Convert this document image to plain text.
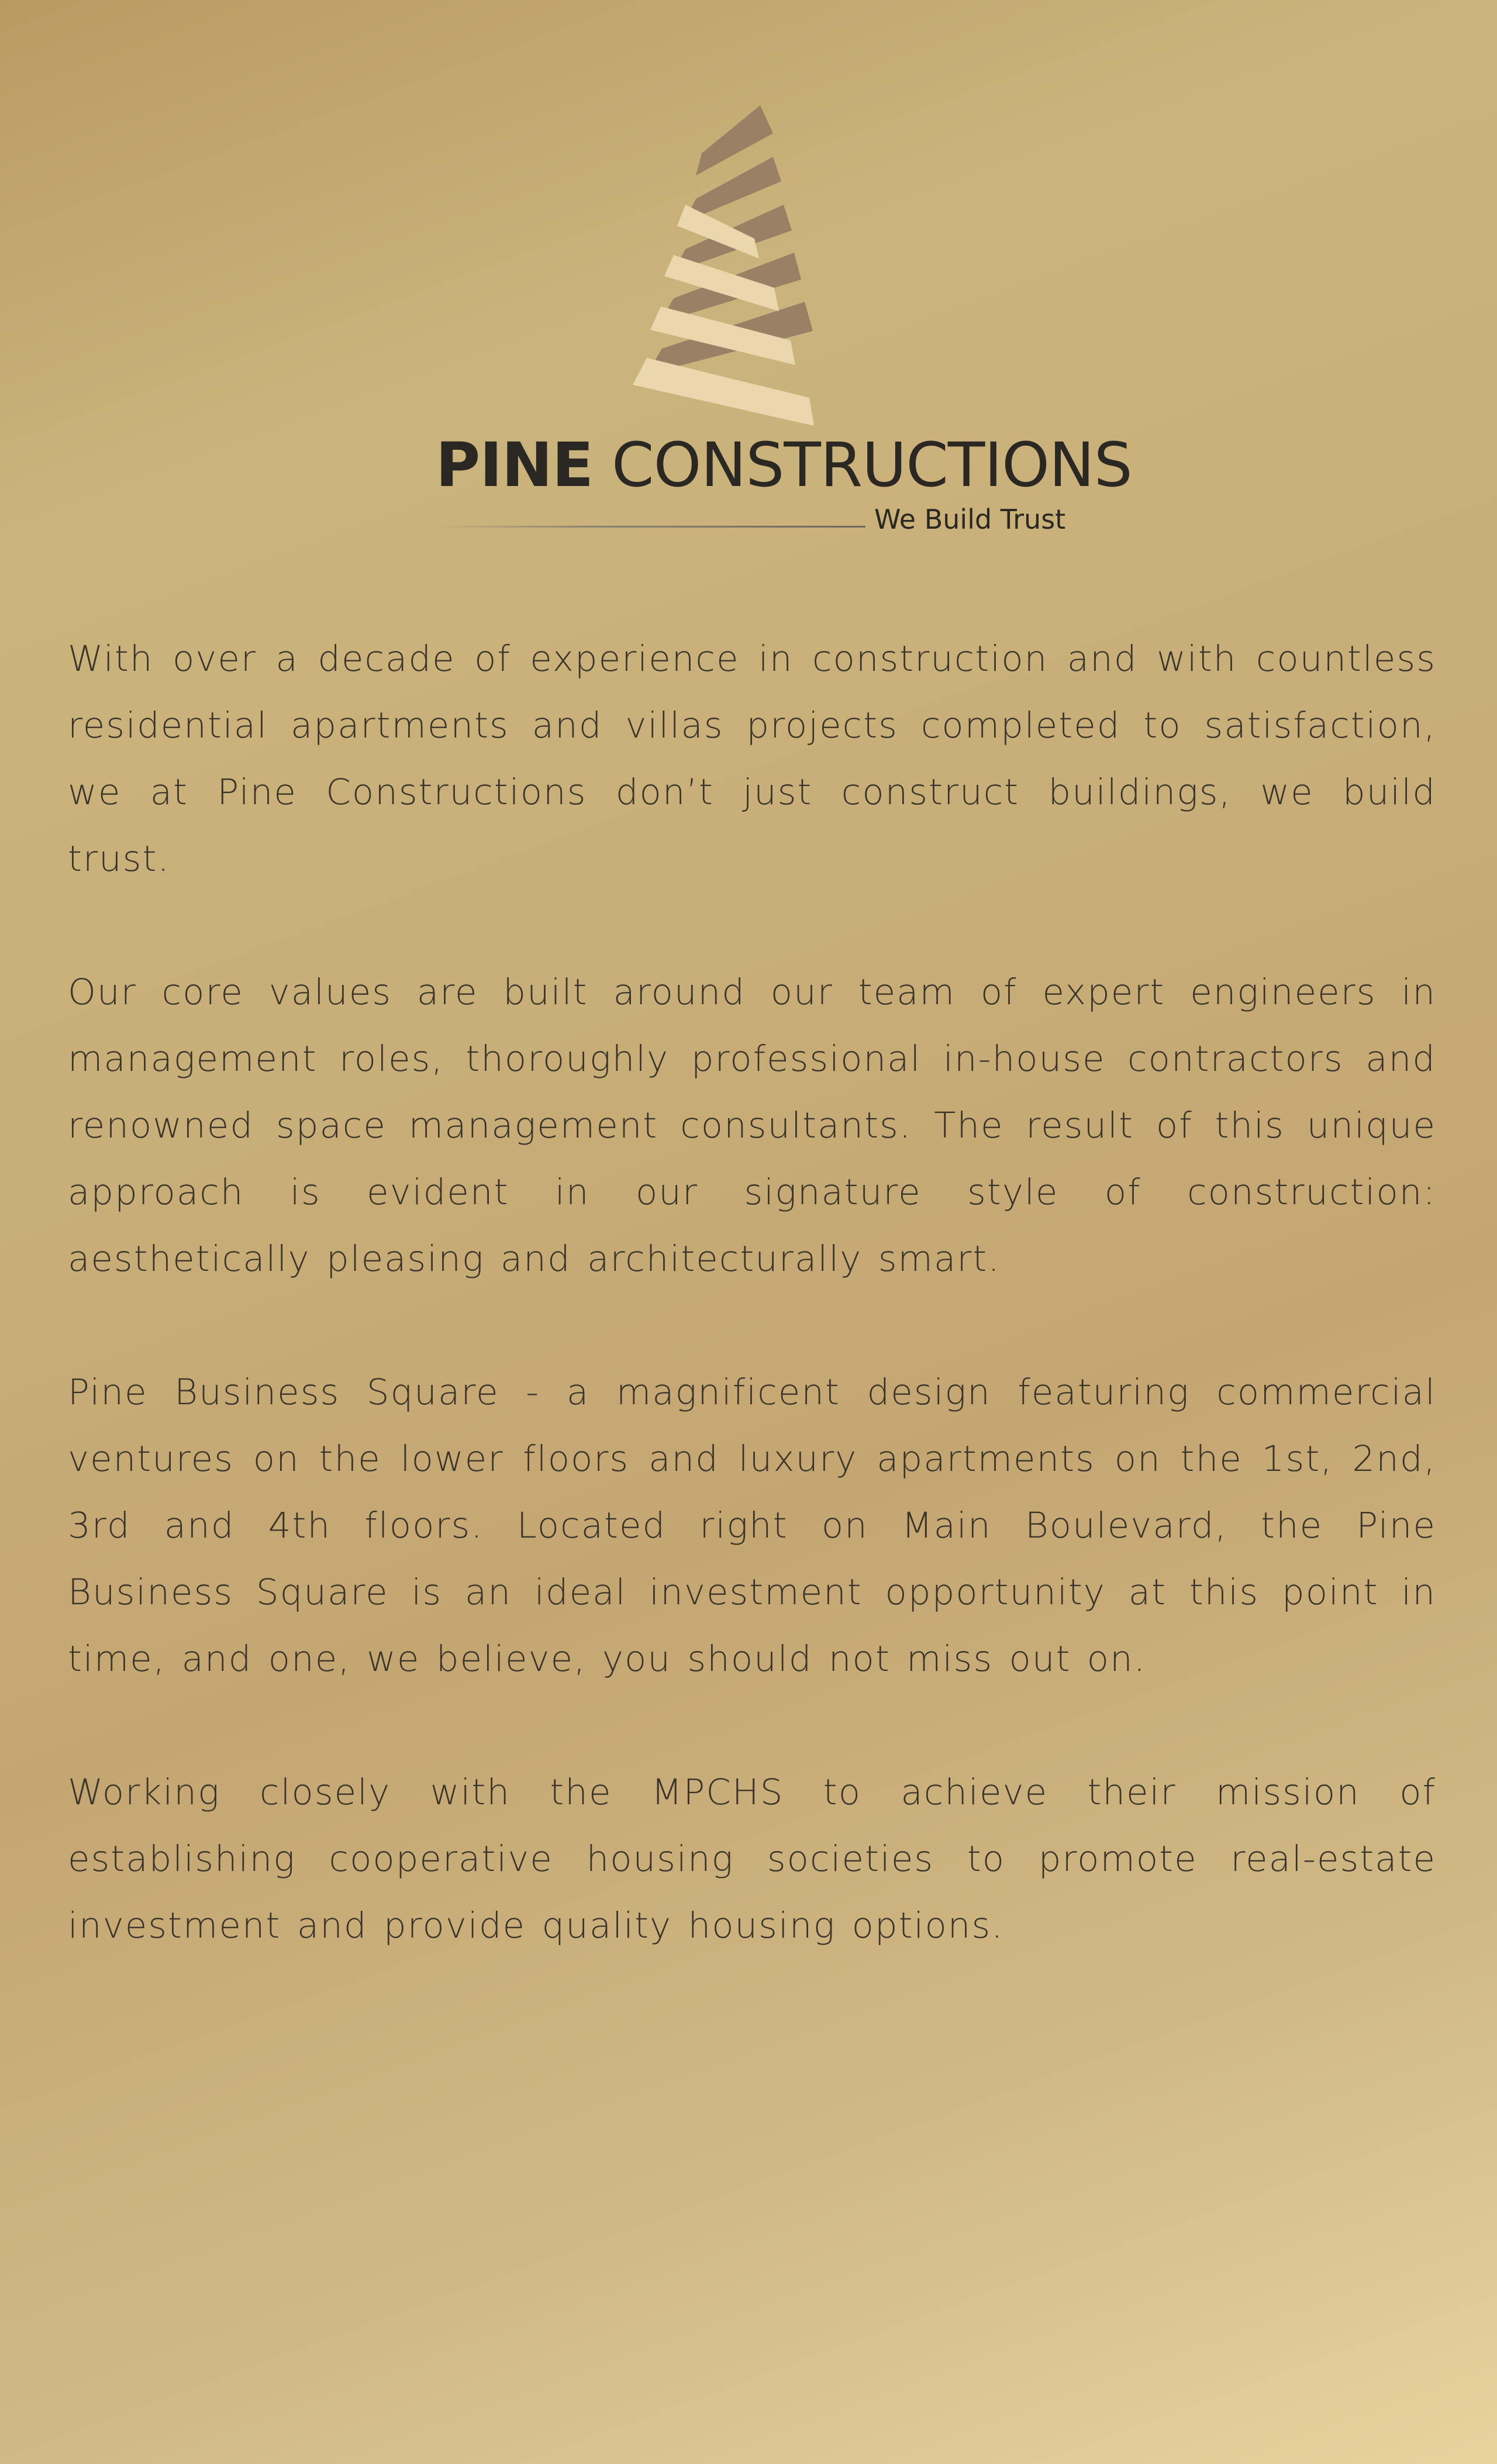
PINE CONSTRUCTIONS
We Build Trust

With over a decade of experience in construction and with countless residential apartments and villas projects completed to satisfaction, we at Pine Constructions don’t just construct buildings, we build trust.

Our core values are built around our team of expert engineers in management roles, thoroughly professional in-house contractors and renowned space management consultants. The result of this unique approach is evident in our signature style of construction: aesthetically pleasing and architecturally smart.

Pine Business Square - a magnificent design featuring commercial ventures on the lower floors and luxury apartments on the 1st, 2nd, 3rd and 4th floors. Located right on Main Boulevard, the Pine Business Square is an ideal investment opportunity at this point in time, and one, we believe, you should not miss out on.

Working closely with the MPCHS to achieve their mission of establishing cooperative housing societies to promote real-estate investment and provide quality housing options.
